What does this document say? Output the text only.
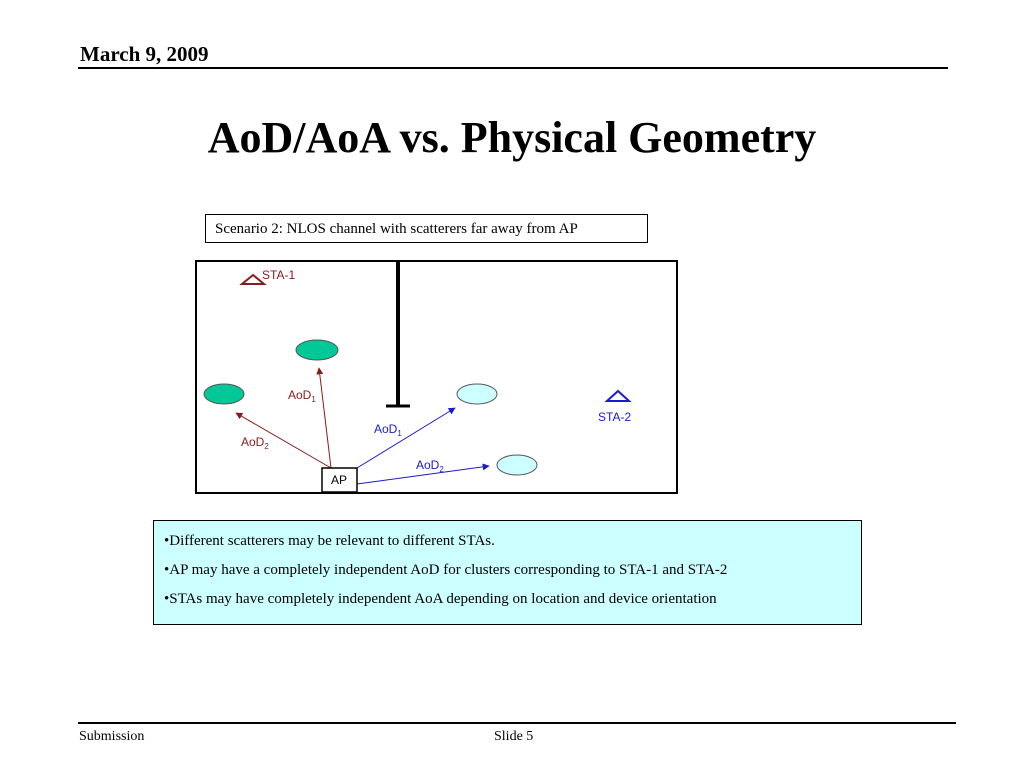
March 9, 2009
AoD/AoA vs. Physical Geometry
Scenario 2: NLOS channel with scatterers far away from AP
STA-1
STA-2
AoD$_1$
AoD$_2$
AoD$_1$
AoD$_2$
AP
•Different scatterers may be relevant to different STAs.
•AP may have a completely independent AoD for clusters corresponding to STA-1 and STA-2
•STAs may have completely independent AoA depending on location and device orientation
Submission	Slide 5
